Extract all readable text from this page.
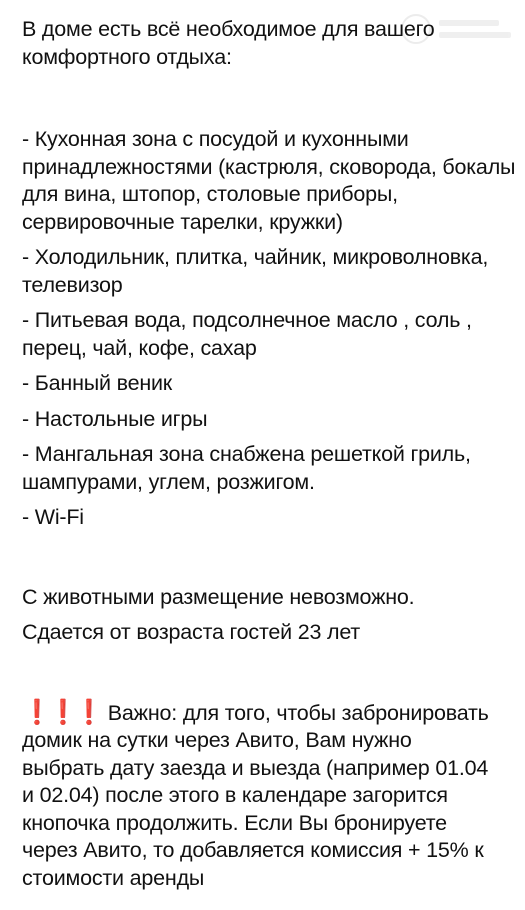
В доме есть всё необходимое для вашего комфортного отдыха:

- Кухонная зона с посудой и кухонными принадлежностями (кастрюля, сковорода, бокалы для вина, штопор, столовые приборы, сервировочные тарелки, кружки)

- Холодильник, плитка, чайник, микроволновка, телевизор

- Питьевая вода, подсолнечное масло , соль , перец, чай, кофе, сахар

- Банный веник

- Настольные игры

- Мангальная зона снабжена решеткой гриль, шампурами, углем, розжигом.

- Wi-Fi

С животными размещение невозможно.

Сдается от возраста гостей 23 лет

❗❗❗ Важно: для того, чтобы забронировать домик на сутки через Авито, Вам нужно выбрать дату заезда и выезда (например 01.04 и 02.04) после этого в календаре загорится кнопочка продолжить. Если Вы бронируете через Авито, то добавляется комиссия + 15% к стоимости аренды
